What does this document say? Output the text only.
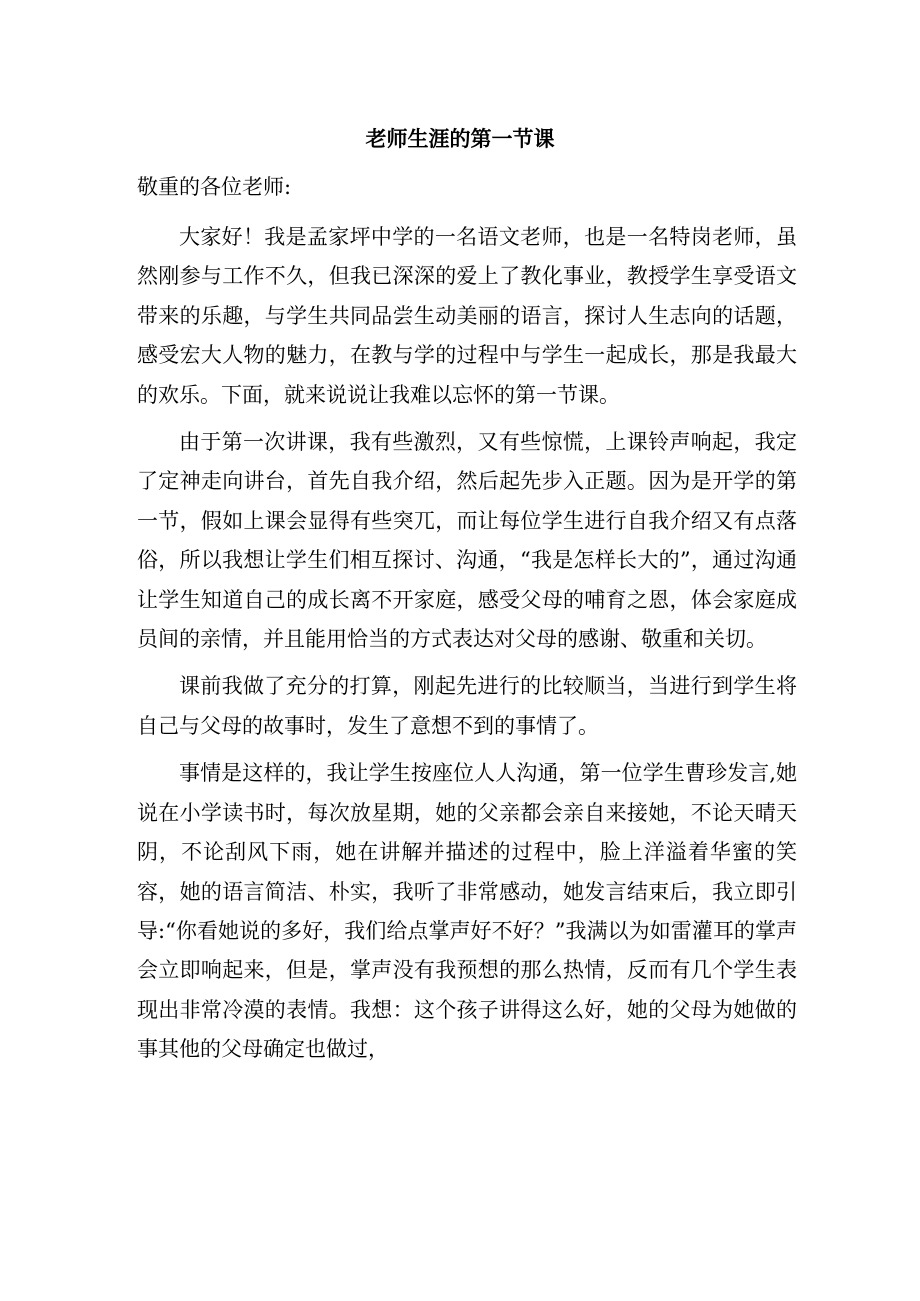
老师生涯的第一节课

敬重的各位老师:

大家好！我是孟家坪中学的一名语文老师，也是一名特岗老师，虽然刚参与工作不久，但我已深深的爱上了教化事业，教授学生享受语文带来的乐趣，与学生共同品尝生动美丽的语言，探讨人生志向的话题，感受宏大人物的魅力，在教与学的过程中与学生一起成长，那是我最大的欢乐。下面，就来说说让我难以忘怀的第一节课。

由于第一次讲课，我有些激烈，又有些惊慌，上课铃声响起，我定了定神走向讲台，首先自我介绍，然后起先步入正题。因为是开学的第一节，假如上课会显得有些突兀，而让每位学生进行自我介绍又有点落俗，所以我想让学生们相互探讨、沟通，“我是怎样长大的”，通过沟通让学生知道自己的成长离不开家庭，感受父母的哺育之恩，体会家庭成员间的亲情，并且能用恰当的方式表达对父母的感谢、敬重和关切。

课前我做了充分的打算，刚起先进行的比较顺当，当进行到学生将自己与父母的故事时，发生了意想不到的事情了。

事情是这样的，我让学生按座位人人沟通，第一位学生曹珍发言,她说在小学读书时，每次放星期，她的父亲都会亲自来接她，不论天晴天阴，不论刮风下雨，她在讲解并描述的过程中，脸上洋溢着华蜜的笑容，她的语言简洁、朴实，我听了非常感动，她发言结束后，我立即引导:“你看她说的多好，我们给点掌声好不好？”我满以为如雷灌耳的掌声会立即响起来，但是，掌声没有我预想的那么热情，反而有几个学生表现出非常冷漠的表情。我想：这个孩子讲得这么好，她的父母为她做的事其他的父母确定也做过，
